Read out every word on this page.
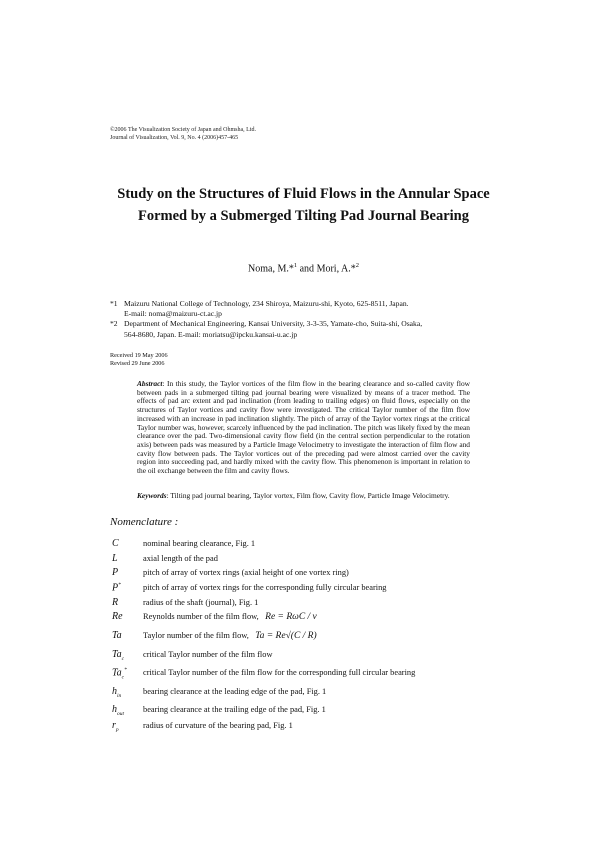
©2006 The Visualization Society of Japan and Ohmsha, Ltd.
Journal of Visualization, Vol. 9, No. 4 (2006)457-465
Study on the Structures of Fluid Flows in the Annular Space
Formed by a Submerged Tilting Pad Journal Bearing
Noma, M.*$^1$ and Mori, A.*$^2$
*1 Maizuru National College of Technology, 234 Shiroya, Maizuru-shi, Kyoto, 625-8511, Japan.
E-mail: noma@maizuru-ct.ac.jp
*2 Department of Mechanical Engineering, Kansai University, 3-3-35, Yamate-cho, Suita-shi, Osaka,
564-8680, Japan. E-mail: moriatsu@ipcku.kansai-u.ac.jp
Received 19 May 2006
Revised 29 June 2006
Abstract: In this study, the Taylor vortices of the film flow in the bearing clearance and so-called cavity flow between pads in a submerged tilting pad journal bearing were visualized by means of a tracer method. The effects of pad arc extent and pad inclination (from leading to trailing edges) on fluid flows, especially on the structures of Taylor vortices and cavity flow were investigated. The critical Taylor number of the film flow increased with an increase in pad inclination slightly. The pitch of array of the Taylor vortex rings at the critical Taylor number was, however, scarcely influenced by the pad inclination. The pitch was likely fixed by the mean clearance over the pad. Two-dimensional cavity flow field (in the central section perpendicular to the rotation axis) between pads was measured by a Particle Image Velocimetry to investigate the interaction of film flow and cavity flow between pads. The Taylor vortices out of the preceding pad were almost carried over the cavity region into succeeding pad, and hardly mixed with the cavity flow. This phenomenon is important in relation to the oil exchange between the film and cavity flows.
Keywords: Tilting pad journal bearing, Taylor vortex, Film flow, Cavity flow, Particle Image Velocimetry.
Nomenclature :
C	nominal bearing clearance, Fig. 1
L	axial length of the pad
P	pitch of array of vortex rings (axial height of one vortex ring)
P*	pitch of array of vortex rings for the corresponding fully circular bearing
R	radius of the shaft (journal), Fig. 1
Re Reynolds number of the film flow, Re = RωC / ν
Ta	Taylor number of the film flow, Ta = Re√(C / R)
$Ta_c$ critical Taylor number of the film flow
$Ta_c^*$ critical Taylor number of the film flow for the corresponding full circular bearing
$h_{in}$	bearing clearance at the leading edge of the pad, Fig. 1
$h_{out}$ bearing clearance at the trailing edge of the pad, Fig. 1
$r_p$	radius of curvature of the bearing pad, Fig. 1
